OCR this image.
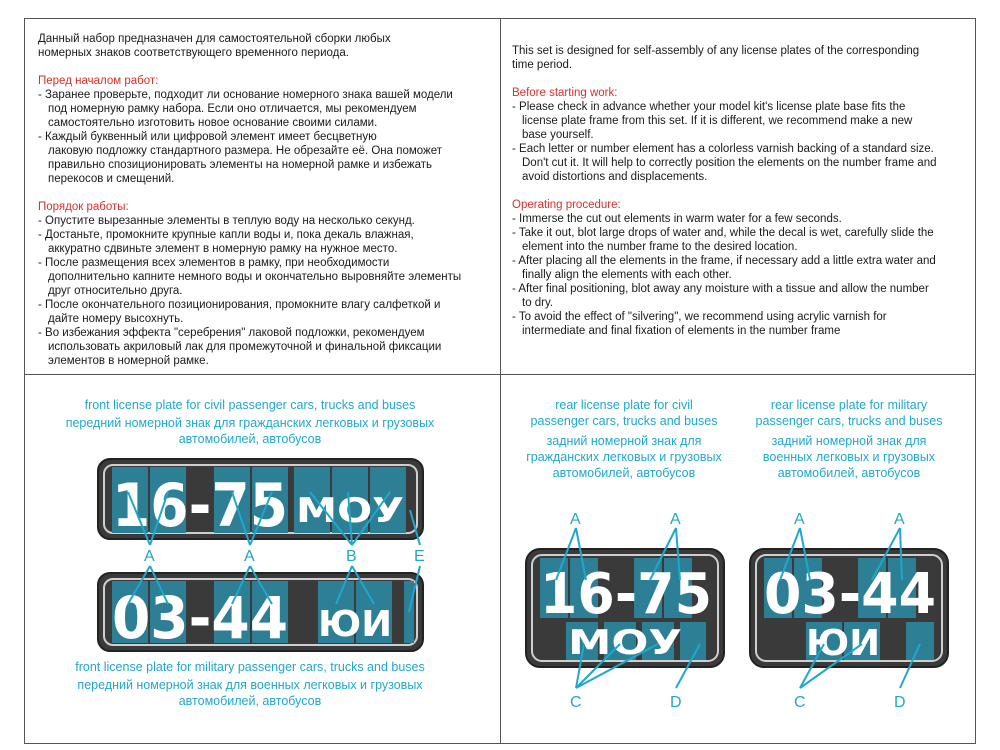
Данный набор предназначен для самостоятельной сборки любых

номерных знаков соответствующего временного периода.

Перед началом работ:

- Заранее проверьте, подходит ли основание номерного знака вашей модели

под номерную рамку набора. Если оно отличается, мы рекомендуем

самостоятельно изготовить новое основание своими силами.

- Каждый буквенный или цифровой элемент имеет бесцветную

лаковую подложку стандартного размера. Не обрезайте её. Она поможет

правильно спозиционировать элементы на номерной рамке и избежать

перекосов и смещений.

Порядок работы:

- Опустите вырезанные элементы в теплую воду на несколько секунд.

- Достаньте, промокните крупные капли воды и, пока декаль влажная,

аккуратно сдвиньте элемент в номерную рамку на нужное место.

- После размещения всех элементов в рамку, при необходимости

дополнительно капните немного воды и окончательно выровняйте элементы

друг относительно друга.

- После окончательного позиционирования, промокните влагу салфеткой и

дайте номеру высохнуть.

- Во избежания эффекта "серебрения" лаковой подложки, рекомендуем

использовать акриловый лак для промежуточной и финальной фиксации

элементов в номерной рамке.

This set is designed for self-assembly of any license plates of the corresponding

time period.

Before starting work:

- Please check in advance whether your model kit's license plate base fits the

license plate frame from this set. If it is different, we recommend make a new

base yourself.

- Each letter or number element has a colorless varnish backing of a standard size.

Don't cut it. It will help to correctly position the elements on the number frame and

avoid distortions and displacements.

Operating procedure:

- Immerse the cut out elements in warm water for a few seconds.

- Take it out, blot large drops of water and, while the decal is wet, carefully slide the

element into the number frame to the desired location.

- After placing all the elements in the frame, if necessary add a little extra water and

finally align the elements with each other.

- After final positioning, blot away any moisture with a tissue and allow the number

to dry.

- To avoid the effect of "silvering", we recommend using acrylic varnish for

intermediate and final fixation of elements in the number frame

front license plate for civil passenger cars, trucks and buses
передний номерной знак для гражданских легковых и грузовых
автомобилей, автобусов
front license plate for military passenger cars, trucks and buses
передний номерной знак для военных легковых и грузовых
автомобилей, автобусов
rear license plate for civil
passenger cars, trucks and buses
задний номерной знак для
гражданских легковых и грузовых
автомобилей, автобусов
rear license plate for military
passenger cars, trucks and buses
задний номерной знак для
военных легковых и грузовых
автомобилей, автобусов
16-75 МОУ
03-44 ЮИ
A	A	B	E
16-75
МОУ
A	A
C	D
03-44
ЮИ
A	A
C	D
